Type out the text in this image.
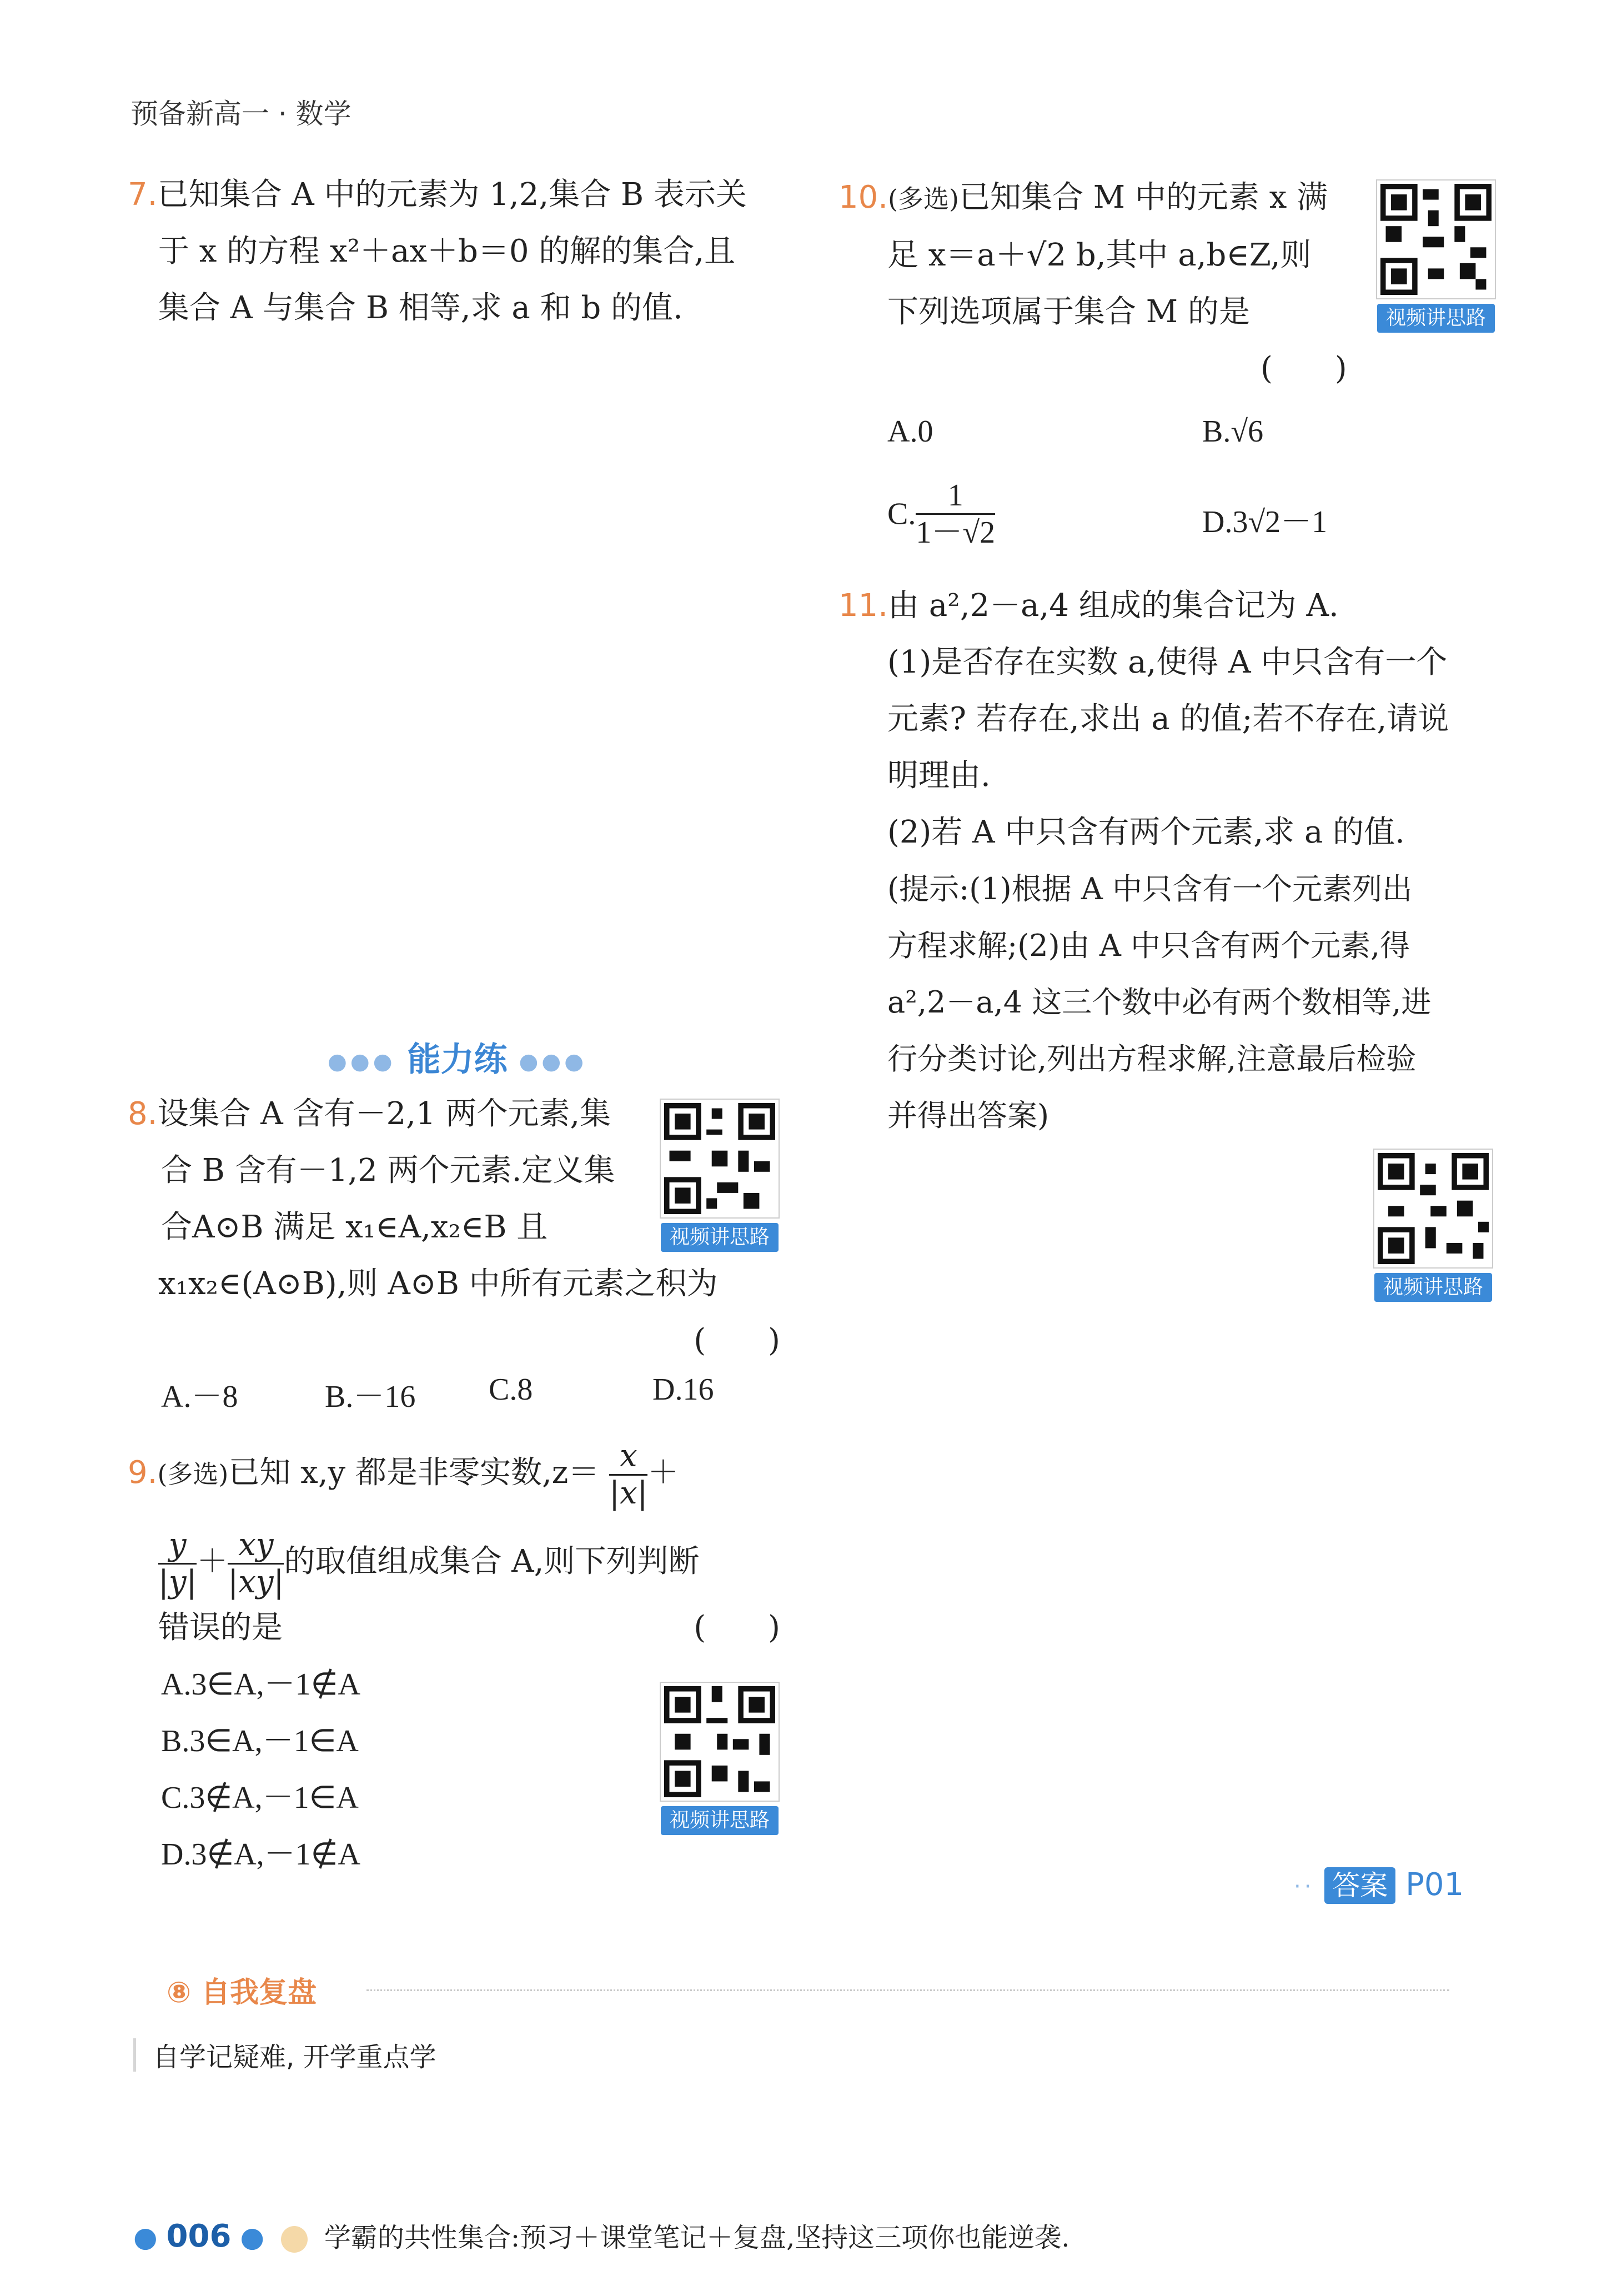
预备新高一 · 数学
7.已知集合 A 中的元素为 1,2,集合 B 表示关
于 x 的方程 x²＋ax＋b＝0 的解的集合,且
集合 A 与集合 B 相等,求 a 和 b 的值.
●●● 能力练 ●●●
8.设集合 A 含有－2,1 两个元素,集
合 B 含有－1,2 两个元素.定义集
合A⊙B 满足 x₁∈A,x₂∈B 且
x₁x₂∈(A⊙B),则 A⊙B 中所有元素之积为
(　　)
A.－8	B.－16 C.8	D.16
视频讲思路
9.(多选)已知 x,y 都是非零实数$,z= \frac{x}{|x|}$ ＋
$\frac{y}{|y|} + \frac{xy}{|xy|}$ 的取值组成集合 A,则下列判断
错误的是	(　　)
A.3∈A,－1∉A
B.3∈A,－1∈A
C.3∉A,－1∈A
D.3∉A,－1∉A
视频讲思路
10.(多选)已知集合 M 中的元素 x 满
足 x＝a＋√2 b,其中 a,b∈Z,则
下列选项属于集合 M 的是
(　　)
A.0	B.√6
C. $\frac{1}{1-√2}$	D.3√2－1
视频讲思路
11.由 a²,2－a,4 组成的集合记为 A.
(1)是否存在实数 a,使得 A 中只含有一个
元素? 若存在,求出 a 的值;若不存在,请说
明理由.
(2)若 A 中只含有两个元素,求 a 的值.
(提示:(1)根据 A 中只含有一个元素列出
方程求解;(2)由 A 中只含有两个元素,得
a²,2－a,4 这三个数中必有两个数相等,进
行分类讨论,列出方程求解,注意最后检验
并得出答案)
视频讲思路
·· 答案 P01
⑧ 自我复盘
自学记疑难, 开学重点学
● 006 ● 学霸的共性集合:预习＋课堂笔记＋复盘,坚持这三项你也能逆袭.
